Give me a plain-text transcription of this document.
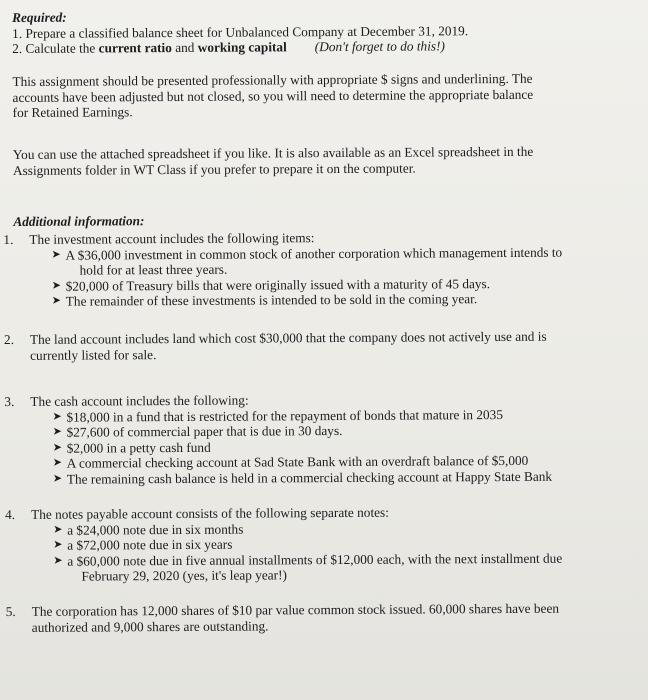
Required:
1. Prepare a classified balance sheet for Unbalanced Company at December 31, 2019.
2. Calculate the current ratio and working capital (Don't forget to do this!)
This assignment should be presented professionally with appropriate $ signs and underlining. The
accounts have been adjusted but not closed, so you will need to determine the appropriate balance
for Retained Earnings.
You can use the attached spreadsheet if you like. It is also available as an Excel spreadsheet in the
Assignments folder in WT Class if you prefer to prepare it on the computer.
Additional information:
1. The investment account includes the following items:
➤ A $36,000 investment in common stock of another corporation which management intends to
hold for at least three years.
➤ $20,000 of Treasury bills that were originally issued with a maturity of 45 days.
➤ The remainder of these investments is intended to be sold in the coming year.
2. The land account includes land which cost $30,000 that the company does not actively use and is
currently listed for sale.
3. The cash account includes the following:
➤ $18,000 in a fund that is restricted for the repayment of bonds that mature in 2035
➤ $27,600 of commercial paper that is due in 30 days.
➤ $2,000 in a petty cash fund
➤ A commercial checking account at Sad State Bank with an overdraft balance of $5,000
➤ The remaining cash balance is held in a commercial checking account at Happy State Bank
4. The notes payable account consists of the following separate notes:
➤ a $24,000 note due in six months
➤ a $72,000 note due in six years
➤ a $60,000 note due in five annual installments of $12,000 each, with the next installment due
February 29, 2020 (yes, it's leap year!)
5. The corporation has 12,000 shares of $10 par value common stock issued. 60,000 shares have been
authorized and 9,000 shares are outstanding.
